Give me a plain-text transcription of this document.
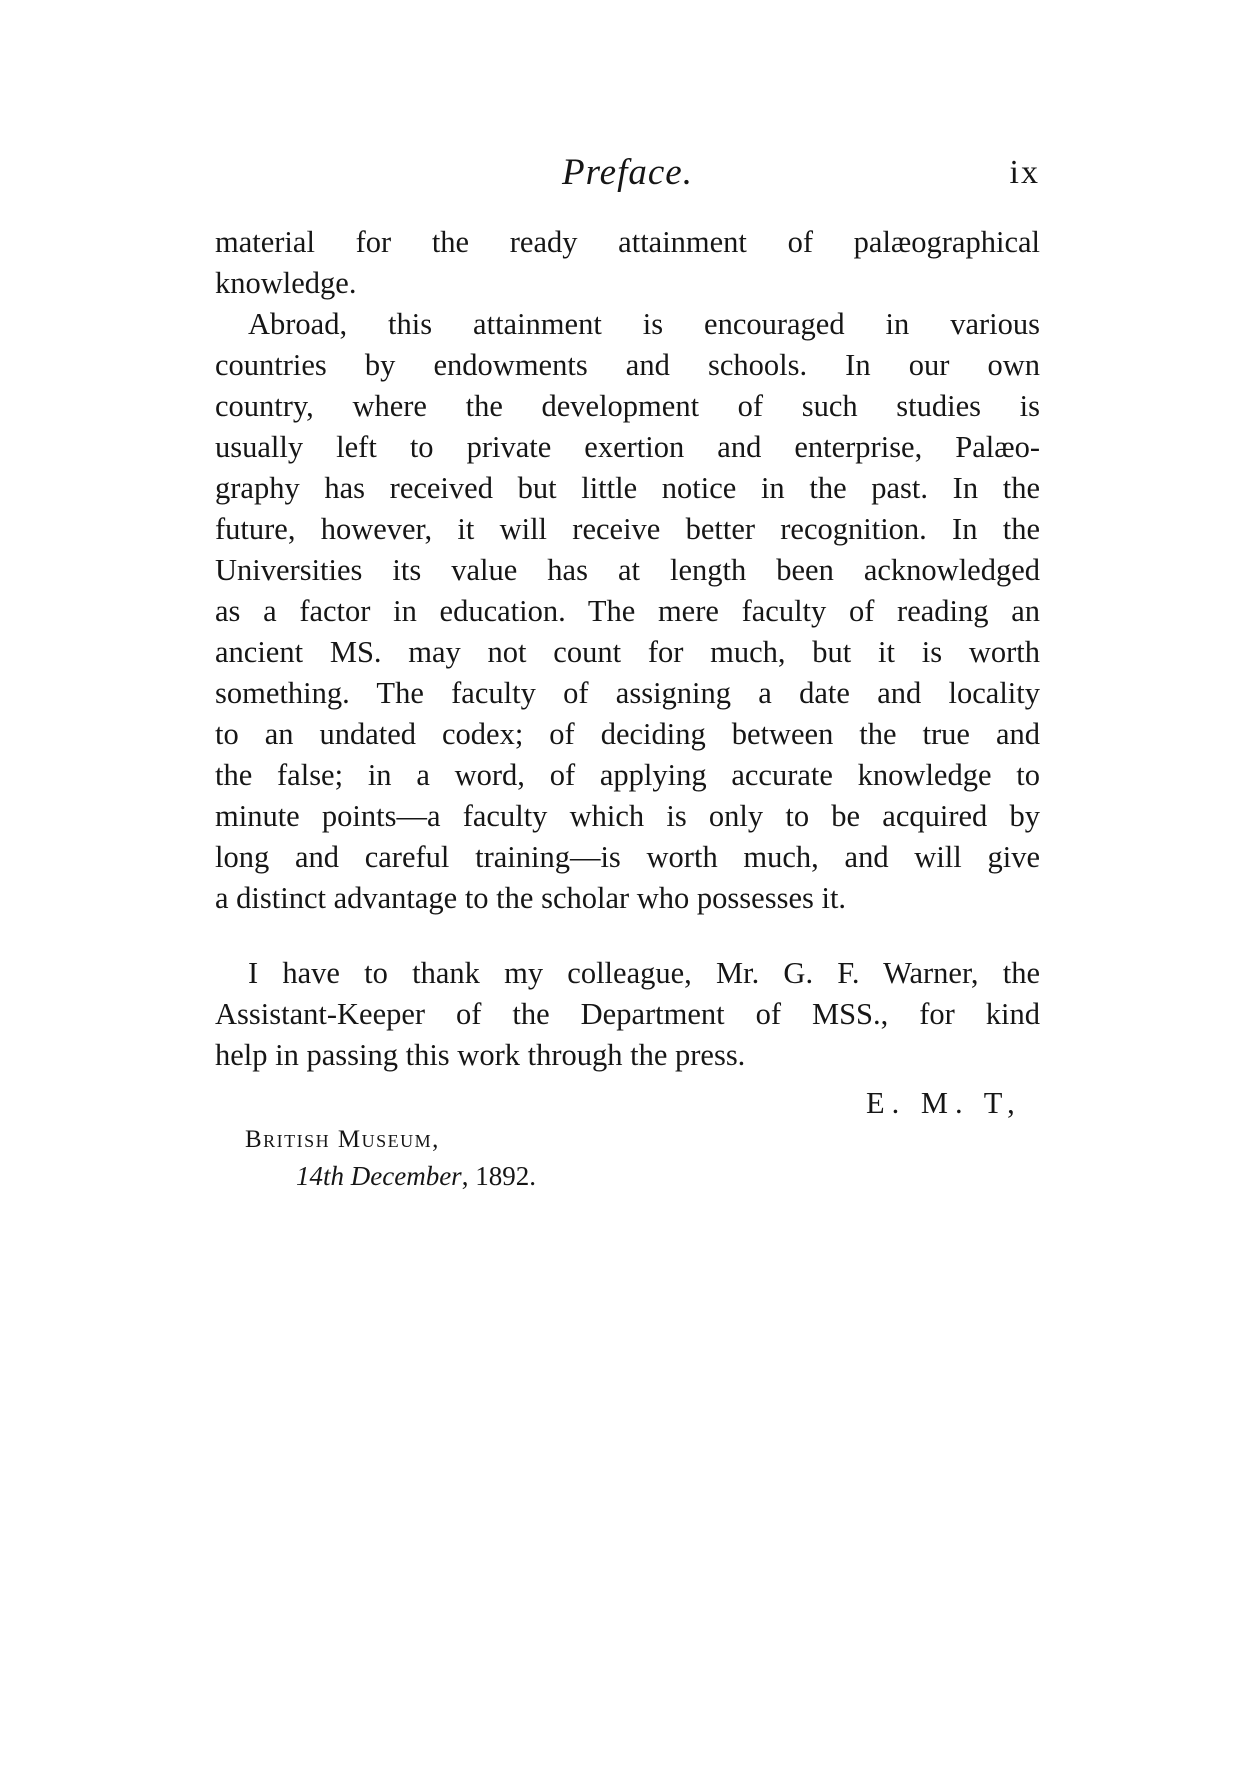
Preface.	ix
material for the ready attainment of palæographical
knowledge.
Abroad, this attainment is encouraged in various
countries by endowments and schools. In our own
country, where the development of such studies is
usually left to private exertion and enterprise, Palæo-
graphy has received but little notice in the past. In the
future, however, it will receive better recognition. In the
Universities its value has at length been acknowledged
as a factor in education. The mere faculty of reading an
ancient MS. may not count for much, but it is worth
something. The faculty of assigning a date and locality
to an undated codex; of deciding between the true and
the false; in a word, of applying accurate knowledge to
minute points—a faculty which is only to be acquired by
long and careful training—is worth much, and will give
a distinct advantage to the scholar who possesses it.
I have to thank my colleague, Mr. G. F. Warner, the
Assistant-Keeper of the Department of MSS., for kind
help in passing this work through the press.
E. M. T,
British Museum,
14th December, 1892.
